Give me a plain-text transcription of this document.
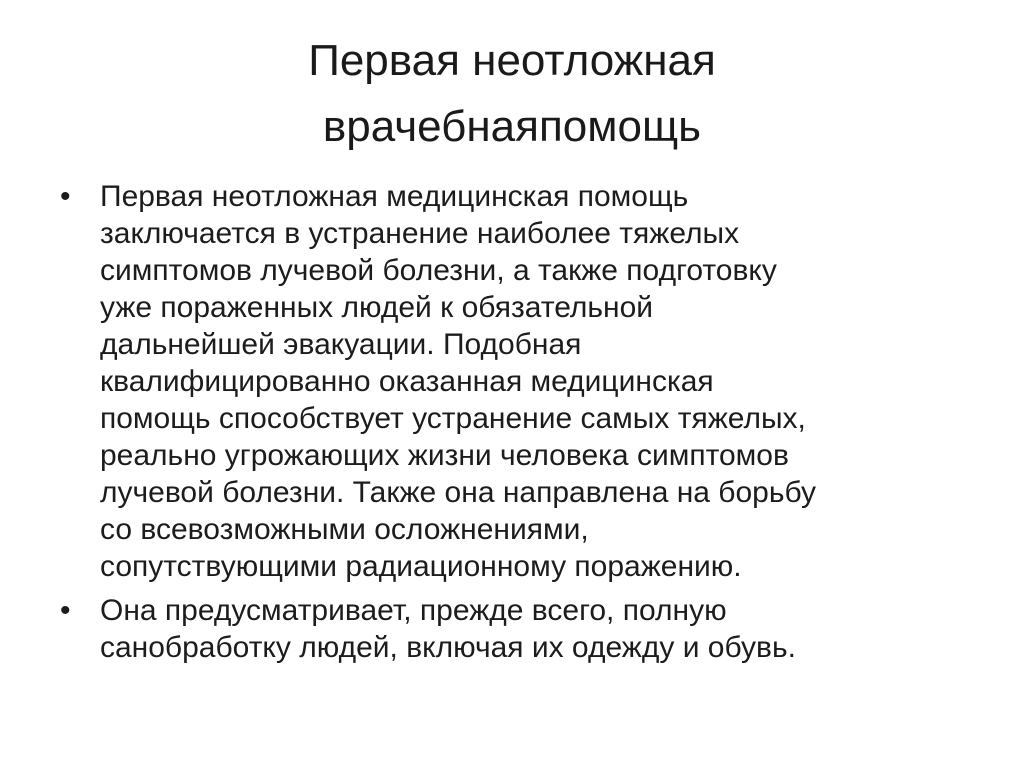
Первая неотложная
врачебнаяпомощь
• Первая неотложная медицинская помощь
заключается в устранение наиболее тяжелых
симптомов лучевой болезни, а также подготовку
уже пораженных людей к обязательной
дальнейшей эвакуации. Подобная
квалифицированно оказанная медицинская
помощь способствует устранение самых тяжелых,
реально угрожающих жизни человека симптомов
лучевой болезни. Также она направлена на борьбу
со всевозможными осложнениями,
сопутствующими радиационному поражению.
• Она предусматривает, прежде всего, полную
санобработку людей, включая их одежду и обувь.
